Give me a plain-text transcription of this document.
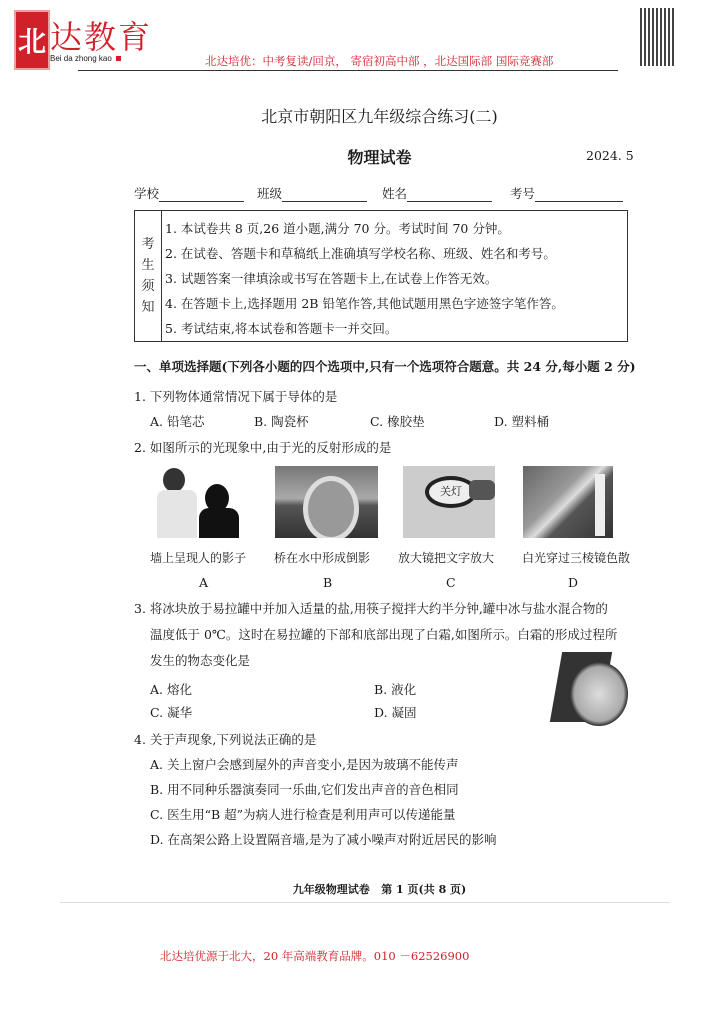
北 达教育
Bei da zhong kao	北达培优：中考复读/回京， 寄宿初高中部 ，北达国际部 国际竞赛部
北京市朝阳区九年级综合练习(二)
物理试卷	2024. 5
学校	班级	姓名	考号
考
生
须
知
1. 本试卷共 8 页,26 道小题,满分 70 分。考试时间 70 分钟。
2. 在试卷、答题卡和草稿纸上准确填写学校名称、班级、姓名和考号。
3. 试题答案一律填涂或书写在答题卡上,在试卷上作答无效。
4. 在答题卡上,选择题用 2B 铅笔作答,其他试题用黑色字迹签字笔作答。
5. 考试结束,将本试卷和答题卡一并交回。
一、单项选择题(下列各小题的四个选项中,只有一个选项符合题意。共 24 分,每小题 2 分)
1. 下列物体通常情况下属于导体的是
A. 铅笔芯	B. 陶瓷杯	C. 橡胶垫	D. 塑料桶
2. 如图所示的光现象中,由于光的反射形成的是
关灯
墙上呈现人的影子 桥在水中形成倒影 放大镜把文字放大 白光穿过三棱镜色散
A	B	C	D
3. 将冰块放于易拉罐中并加入适量的盐,用筷子搅拌大约半分钟,罐中冰与盐水混合物的
温度低于 0℃。这时在易拉罐的下部和底部出现了白霜,如图所示。白霜的形成过程所
发生的物态变化是
A. 熔化	B. 液化
C. 凝华	D. 凝固
4. 关于声现象,下列说法正确的是
A. 关上窗户会感到屋外的声音变小,是因为玻璃不能传声
B. 用不同种乐器演奏同一乐曲,它们发出声音的音色相同
C. 医生用“B 超”为病人进行检查是利用声可以传递能量
D. 在高架公路上设置隔音墙,是为了减小噪声对附近居民的影响
九年级物理试卷   第 1 页(共 8 页)
北达培优源于北大，20 年高端教育品牌。010 －62526900
